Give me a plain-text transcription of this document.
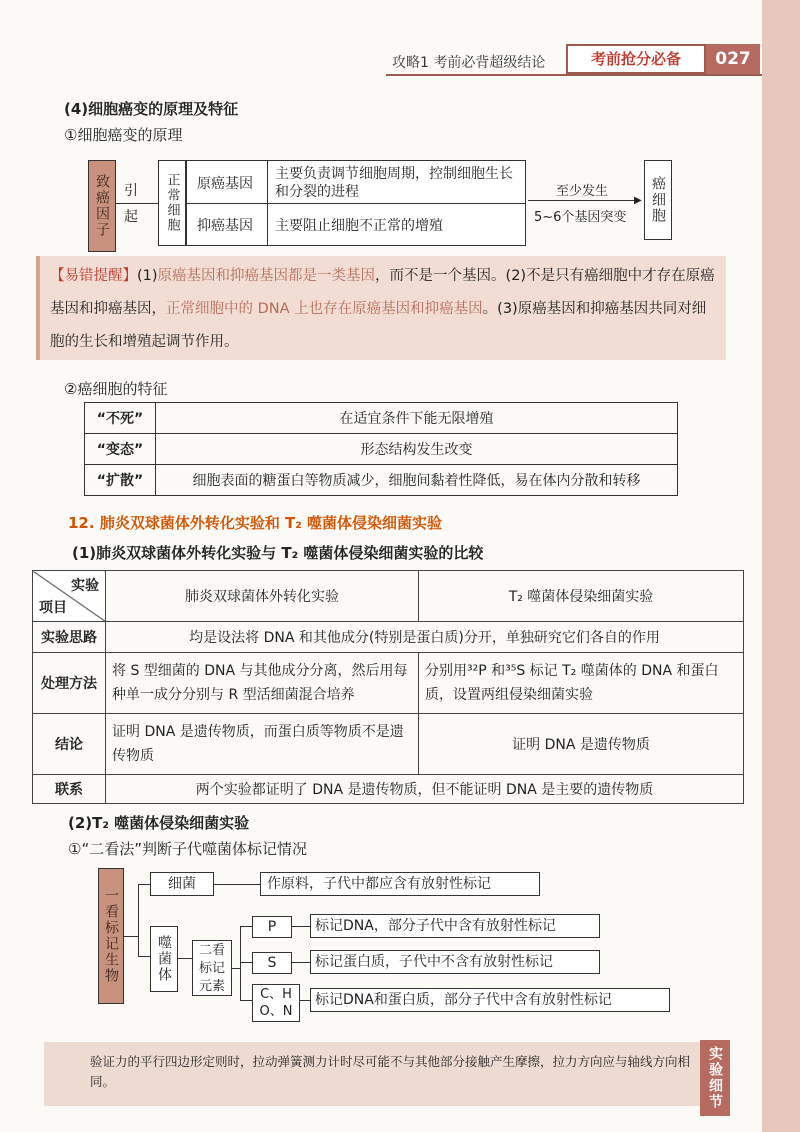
攻略1 考前必背超级结论	考前抢分必备	027
(4)细胞癌变的原理及特征
①细胞癌变的原理
致癌因子	引
起	正常细胞	原癌基因
主要负责调节细胞周期，控制细胞生长和分裂的进程
抑癌基因 主要阻止细胞不正常的增殖
至少发生
▶
5~6个基因突变	癌细胞
【易错提醒】(1)原癌基因和抑癌基因都是一类基因，而不是一个基因。(2)不是只有癌细胞中才存在原癌基因和抑癌基因，正常细胞中的 DNA 上也存在原癌基因和抑癌基因。(3)原癌基因和抑癌基因共同对细胞的生长和增殖起调节作用。
②癌细胞的特征
“不死”	在适宜条件下能无限增殖
“变态”	形态结构发生改变
“扩散”	细胞表面的糖蛋白等物质减少，细胞间黏着性降低，易在体内分散和转移
12. 肺炎双球菌体外转化实验和 T₂ 噬菌体侵染细菌实验
(1)肺炎双球菌体外转化实验与 T₂ 噬菌体侵染细菌实验的比较
实验
项目	肺炎双球菌体外转化实验	T₂ 噬菌体侵染细菌实验
实验思路	均是设法将 DNA 和其他成分(特别是蛋白质)分开，单独研究它们各自的作用	
处理方法	将 S 型细菌的 DNA 与其他成分分离，然后用每种单一成分分别与 R 型活细菌混合培养	分别用³²P 和³⁵S 标记 T₂ 噬菌体的 DNA 和蛋白质，设置两组侵染细菌实验
结论	证明 DNA 是遗传物质，而蛋白质等物质不是遗传物质	证明 DNA 是遗传物质
联系	两个实验都证明了 DNA 是遗传物质，但不能证明 DNA 是主要的遗传物质	
(2)T₂ 噬菌体侵染细菌实验
①“二看法”判断子代噬菌体标记情况
一看标记生物
细菌	作原料，子代中都应含有放射性标记
噬菌体	二看标记元素
P	标记DNA，部分子代中含有放射性标记
S	标记蛋白质，子代中不含有放射性标记
C、H O、N
标记DNA和蛋白质，部分子代中含有放射性标记
验证力的平行四边形定则时，拉动弹簧测力计时尽可能不与其他部分接触产生摩擦，拉力方向应与轴线方向相同。	实验细节
